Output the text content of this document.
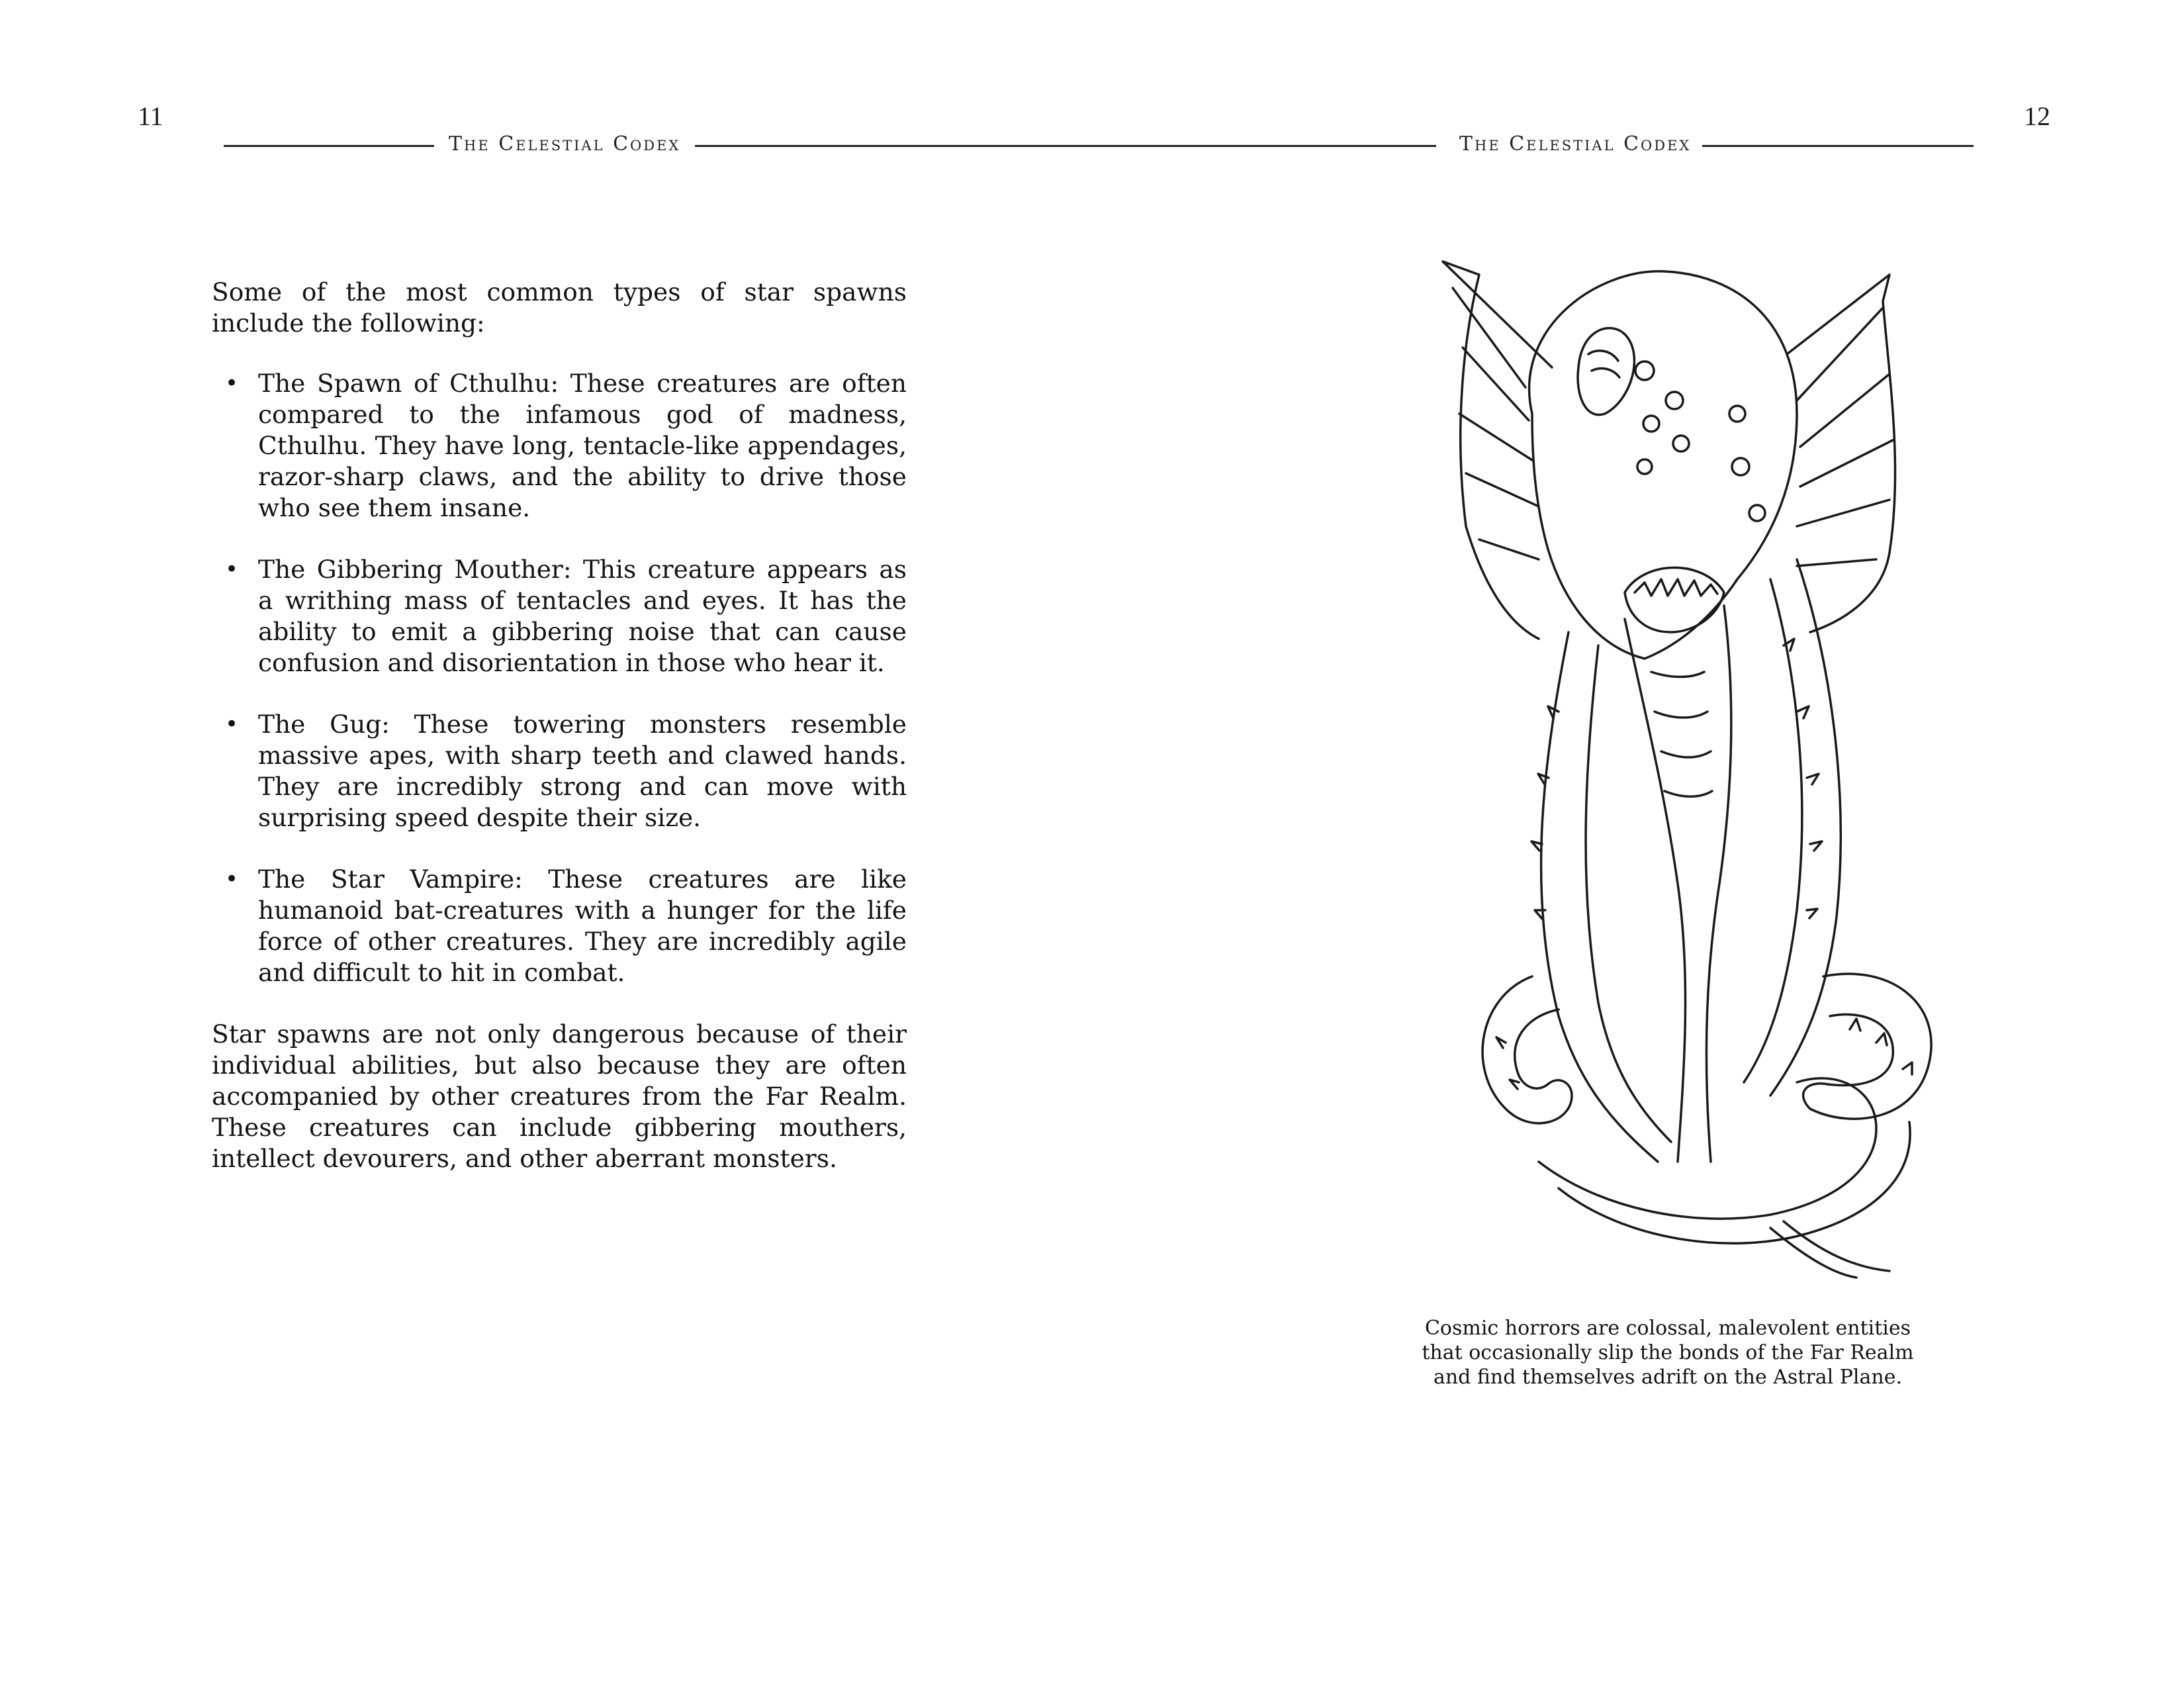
11	12
The Celestial Codex	The Celestial Codex

Some of the most common types of star spawns include the following:

• The Spawn of Cthulhu: These creatures are often compared to the infamous god of madness, Cthulhu. They have long, tentacle-like appendages, razor-sharp claws, and the ability to drive those who see them insane.
• The Gibbering Mouther: This creature appears as a writhing mass of tentacles and eyes. It has the ability to emit a gibbering noise that can cause confusion and disorientation in those who hear it.
• The Gug: These towering monsters resemble massive apes, with sharp teeth and clawed hands. They are incredibly strong and can move with surprising speed despite their size.
• The Star Vampire: These creatures are like humanoid bat-creatures with a hunger for the life force of other creatures. They are incredibly agile and difficult to hit in combat.

Star spawns are not only dangerous because of their individual abilities, but also because they are often accompanied by other creatures from the Far Realm. These creatures can include gibbering mouthers, intellect devourers, and other aberrant monsters.

Cosmic horrors are colossal, malevolent entities
that occasionally slip the bonds of the Far Realm
and find themselves adrift on the Astral Plane.
